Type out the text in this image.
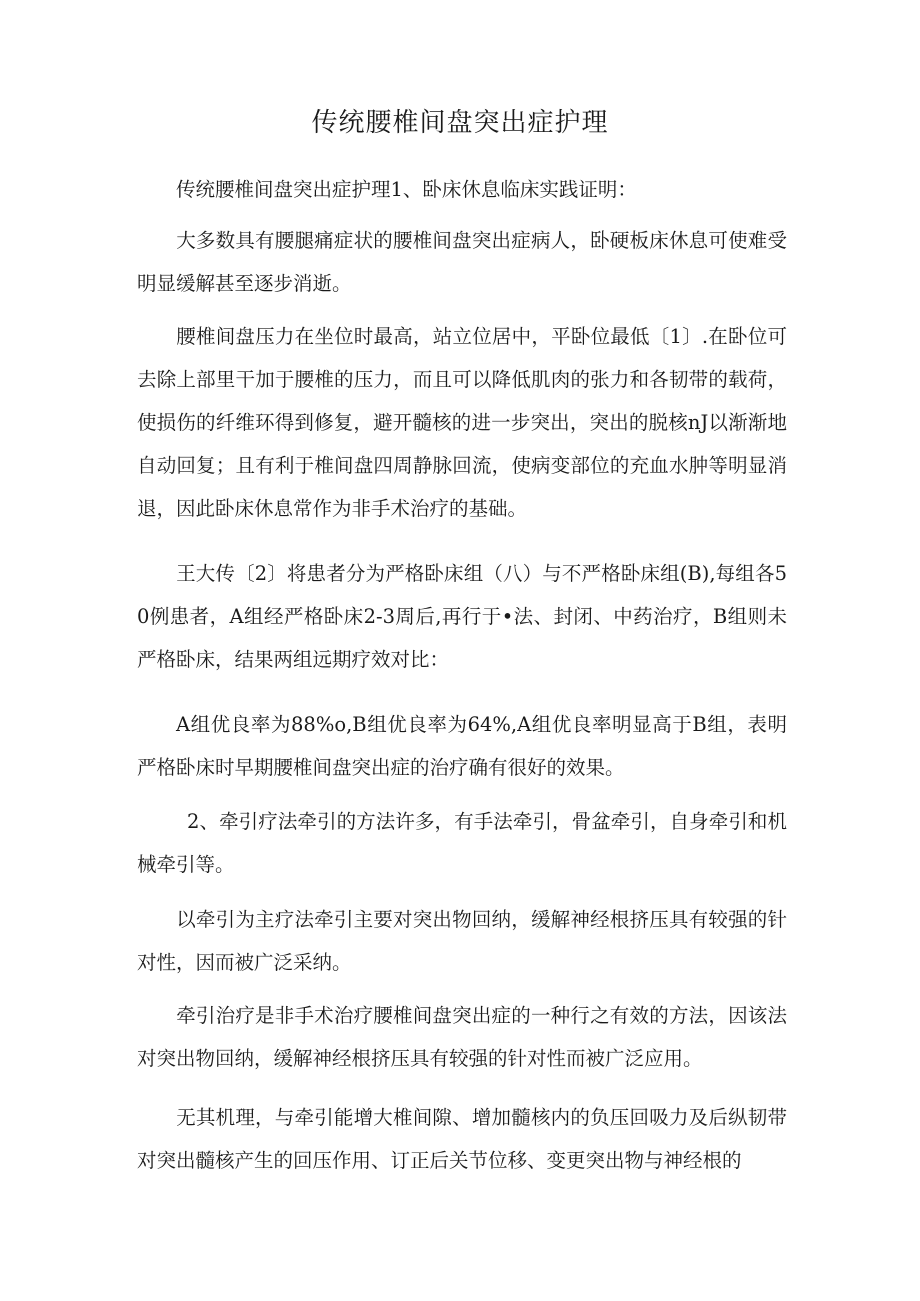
传统腰椎间盘突出症护理

传统腰椎间盘突出症护理1、卧床休息临床实践证明：

大多数具有腰腿痛症状的腰椎间盘突出症病人，卧硬板床休息可使难受明显缓解甚至逐步消逝。

腰椎间盘压力在坐位时最高，站立位居中，平卧位最低〔1〕.在卧位可去除上部里干加于腰椎的压力，而且可以降低肌肉的张力和各韧带的载荷，使损伤的纤维环得到修复，避开髓核的进一步突出，突出的脱核nJ以渐渐地自动回复；且有利于椎间盘四周静脉回流，使病变部位的充血水肿等明显消退，因此卧床休息常作为非手术治疗的基础。

王大传〔2〕将患者分为严格卧床组（八）与不严格卧床组(B),每组各50例患者，A组经严格卧床2-3周后,再行于•法、封闭、中药治疗，B组则未严格卧床，结果两组远期疗效对比：

A组优良率为88%o,B组优良率为64%,A组优良率明显高于B组，表明严格卧床时早期腰椎间盘突出症的治疗确有很好的效果。

2、牵引疗法牵引的方法许多，有手法牵引，骨盆牵引，自身牵引和机械牵引等。

以牵引为主疗法牵引主要对突出物回纳，缓解神经根挤压具有较强的针对性，因而被广泛采纳。

牵引治疗是非手术治疗腰椎间盘突出症的一种行之有效的方法，因该法对突出物回纳，缓解神经根挤压具有较强的针对性而被广泛应用。

无其机理，与牵引能增大椎间隙、增加髓核内的负压回吸力及后纵韧带对突出髓核产生的回压作用、订正后关节位移、变更突出物与神经根的
